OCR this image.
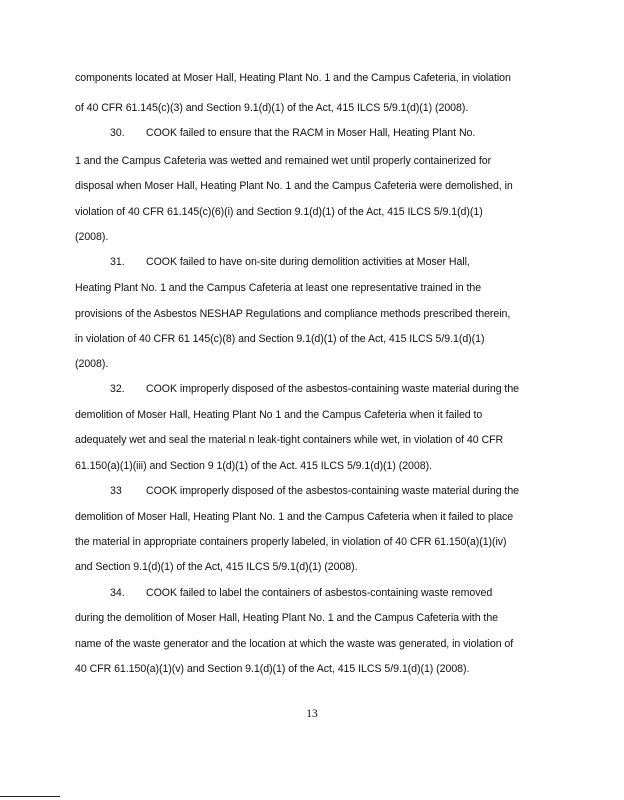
components located at Moser Hall, Heating Plant No. 1 and the Campus Cafeteria, in violation
of 40 CFR 61.145(c)(3) and Section 9.1(d)(1) of the Act, 415 ILCS 5/9.1(d)(1) (2008).
30. COOK failed to ensure that the RACM in Moser Hall, Heating Plant No.
1 and the Campus Cafeteria was wetted and remained wet until properly containerized for
disposal when Moser Hall, Heating Plant No. 1 and the Campus Cafeteria were demolished, in
violation of 40 CFR 61.145(c)(6)(i) and Section 9.1(d)(1) of the Act, 415 ILCS 5/9.1(d)(1)
(2008).
31. COOK failed to have on-site during demolition activities at Moser Hall,
Heating Plant No. 1 and the Campus Cafeteria at least one representative trained in the
provisions of the Asbestos NESHAP Regulations and compliance methods prescribed therein,
in violation of 40 CFR 61 145(c)(8) and Section 9.1(d)(1) of the Act, 415 ILCS 5/9.1(d)(1)
(2008).
32. COOK improperly disposed of the asbestos-containing waste material during the
demolition of Moser Hall, Heating Plant No 1 and the Campus Cafeteria when it failed to
adequately wet and seal the material n leak-tight containers while wet, in violation of 40 CFR
61.150(a)(1)(iii) and Section 9 1(d)(1) of the Act. 415 ILCS 5/9.1(d)(1) (2008).
33 COOK improperly disposed of the asbestos-containing waste material during the
demolition of Moser Hall, Heating Plant No. 1 and the Campus Cafeteria when it failed to place
the material in appropriate containers properly labeled, in violation of 40 CFR 61.150(a)(1)(iv)
and Section 9.1(d)(1) of the Act, 415 ILCS 5/9.1(d)(1) (2008).
34. COOK failed to label the containers of asbestos-containing waste removed
during the demolition of Moser Hall, Heating Plant No. 1 and the Campus Cafeteria with the
name of the waste generator and the location at which the waste was generated, in violation of
40 CFR 61.150(a)(1)(v) and Section 9.1(d)(1) of the Act, 415 ILCS 5/9.1(d)(1) (2008).
13
